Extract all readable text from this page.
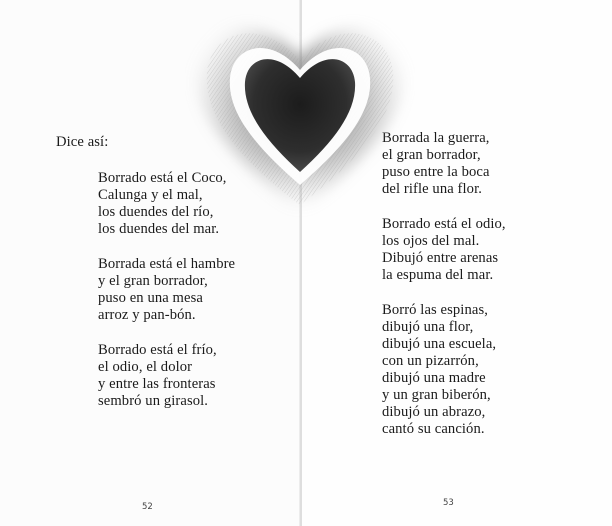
Dice así:
Borrado está el Coco,
Calunga y el mal,
los duendes del río,
los duendes del mar.
Borrada está el hambre
y el gran borrador,
puso en una mesa
arroz y pan-bón.
Borrado está el frío,
el odio, el dolor
y entre las fronteras
sembró un girasol.
52
Borrada la guerra,
el gran borrador,
puso entre la boca
del rifle una flor.
Borrado está el odio,
los ojos del mal.
Dibujó entre arenas
la espuma del mar.
Borró las espinas,
dibujó una flor,
dibujó una escuela,
con un pizarrón,
dibujó una madre
y un gran biberón,
dibujó un abrazo,
cantó su canción.
53
